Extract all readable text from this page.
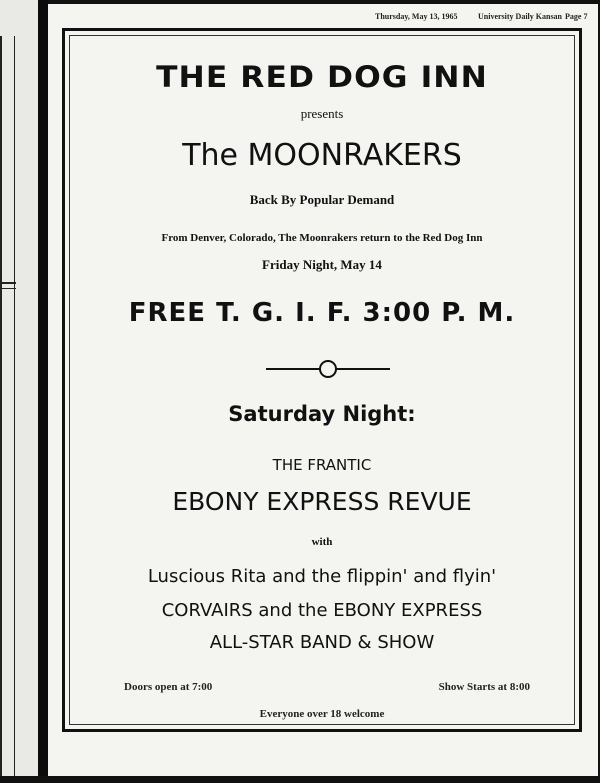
Thursday, May 13, 1965	University Daily Kansan Page 7
THE RED DOG INN
presents
The MOONRAKERS
Back By Popular Demand
From Denver, Colorado, The Moonrakers return to the Red Dog Inn
Friday Night, May 14
FREE T. G. I. F. 3:00 P. M.
Saturday Night:
THE FRANTIC
EBONY EXPRESS REVUE
with
Luscious Rita and the flippin' and flyin'
CORVAIRS and the EBONY EXPRESS
ALL-STAR BAND & SHOW
Doors open at 7:00	Show Starts at 8:00
Everyone over 18 welcome
